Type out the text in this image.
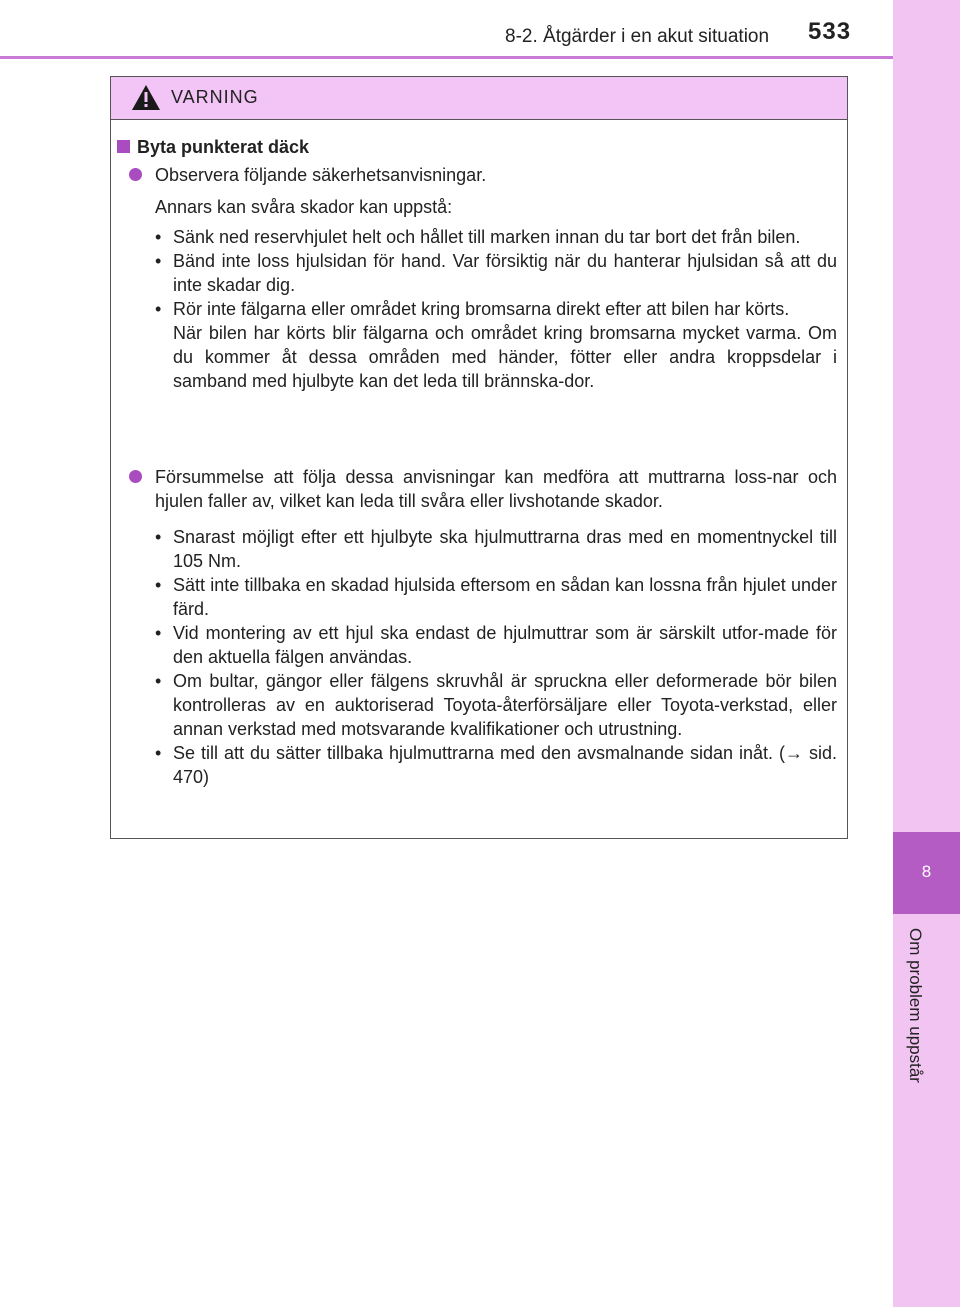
8-2. Åtgärder i en akut situation 533
8
Om problem uppstår
VARNING
Byta punkterat däck
Observera följande säkerhetsanvisningar.
Annars kan svåra skador kan uppstå:
• Sänk ned reservhjulet helt och hållet till marken innan du tar bort det från bilen.
• Bänd inte loss hjulsidan för hand. Var försiktig när du hanterar hjulsidan så att du inte skadar dig.
• Rör inte fälgarna eller området kring bromsarna direkt efter att bilen har körts.
När bilen har körts blir fälgarna och området kring bromsarna mycket varma. Om du kommer åt dessa områden med händer, fötter eller andra kroppsdelar i samband med hjulbyte kan det leda till brännska-dor.
Försummelse att följa dessa anvisningar kan medföra att muttrarna loss-nar och hjulen faller av, vilket kan leda till svåra eller livshotande skador.
• Snarast möjligt efter ett hjulbyte ska hjulmuttrarna dras med en momentnyckel till 105 Nm.
• Sätt inte tillbaka en skadad hjulsida eftersom en sådan kan lossna från hjulet under färd.
• Vid montering av ett hjul ska endast de hjulmuttrar som är särskilt utfor-made för den aktuella fälgen användas.
• Om bultar, gängor eller fälgens skruvhål är spruckna eller deformerade bör bilen kontrolleras av en auktoriserad Toyota-återförsäljare eller Toyota-verkstad, eller annan verkstad med motsvarande kvalifikationer och utrustning.
• Se till att du sätter tillbaka hjulmuttrarna med den avsmalnande sidan inåt. (→ sid. 470)
